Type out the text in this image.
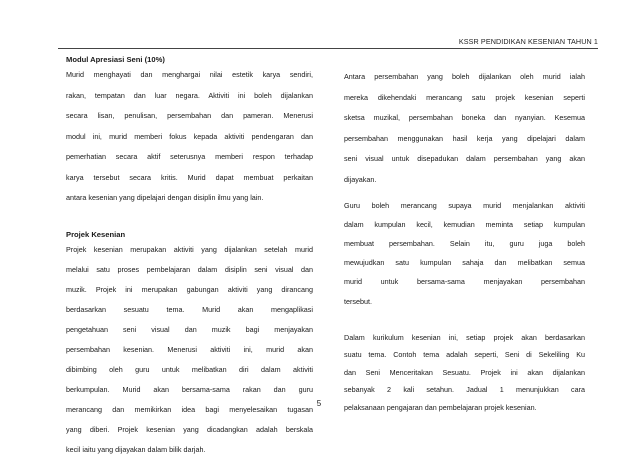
KSSR PENDIDIKAN KESENIAN TAHUN 1
Modul Apresiasi Seni (10%)
Murid menghayati dan menghargai nilai estetik karya sendiri,
rakan, tempatan dan luar negara. Aktiviti ini boleh dijalankan
secara lisan, penulisan, persembahan dan pameran. Menerusi
modul ini, murid memberi fokus kepada aktiviti pendengaran dan
pemerhatian secara aktif seterusnya memberi respon terhadap
karya tersebut secara kritis. Murid dapat membuat perkaitan
antara kesenian yang dipelajari dengan disiplin ilmu yang lain.
Projek Kesenian
Projek kesenian merupakan aktiviti yang dijalankan setelah murid
melalui satu proses pembelajaran dalam disiplin seni visual dan
muzik. Projek ini merupakan gabungan aktiviti yang dirancang
berdasarkan sesuatu tema. Murid akan mengaplikasi
pengetahuan seni visual dan muzik bagi menjayakan
persembahan kesenian. Menerusi aktiviti ini, murid akan
dibimbing oleh guru untuk melibatkan diri dalam aktiviti
berkumpulan. Murid akan bersama-sama rakan dan guru
merancang dan memikirkan idea bagi menyelesaikan tugasan
yang diberi. Projek kesenian yang dicadangkan adalah berskala
kecil iaitu yang dijayakan dalam bilik darjah.
Antara persembahan yang boleh dijalankan oleh murid ialah
mereka dikehendaki merancang satu projek kesenian seperti
sketsa muzikal, persembahan boneka dan nyanyian. Kesemua
persembahan menggunakan hasil kerja yang dipelajari dalam
seni visual untuk disepadukan dalam persembahan yang akan
dijayakan.
Guru boleh merancang supaya murid menjalankan aktiviti
dalam kumpulan kecil, kemudian meminta setiap kumpulan
membuat persembahan. Selain itu, guru juga boleh
mewujudkan satu kumpulan sahaja dan melibatkan semua
murid untuk bersama-sama menjayakan persembahan
tersebut.
Dalam kurikulum kesenian ini, setiap projek akan berdasarkan
suatu tema. Contoh tema adalah seperti, Seni di Sekeliling Ku
dan Seni Menceritakan Sesuatu. Projek ini akan dijalankan
sebanyak 2 kali setahun. Jadual 1 menunjukkan cara
pelaksanaan pengajaran dan pembelajaran projek kesenian.
5
